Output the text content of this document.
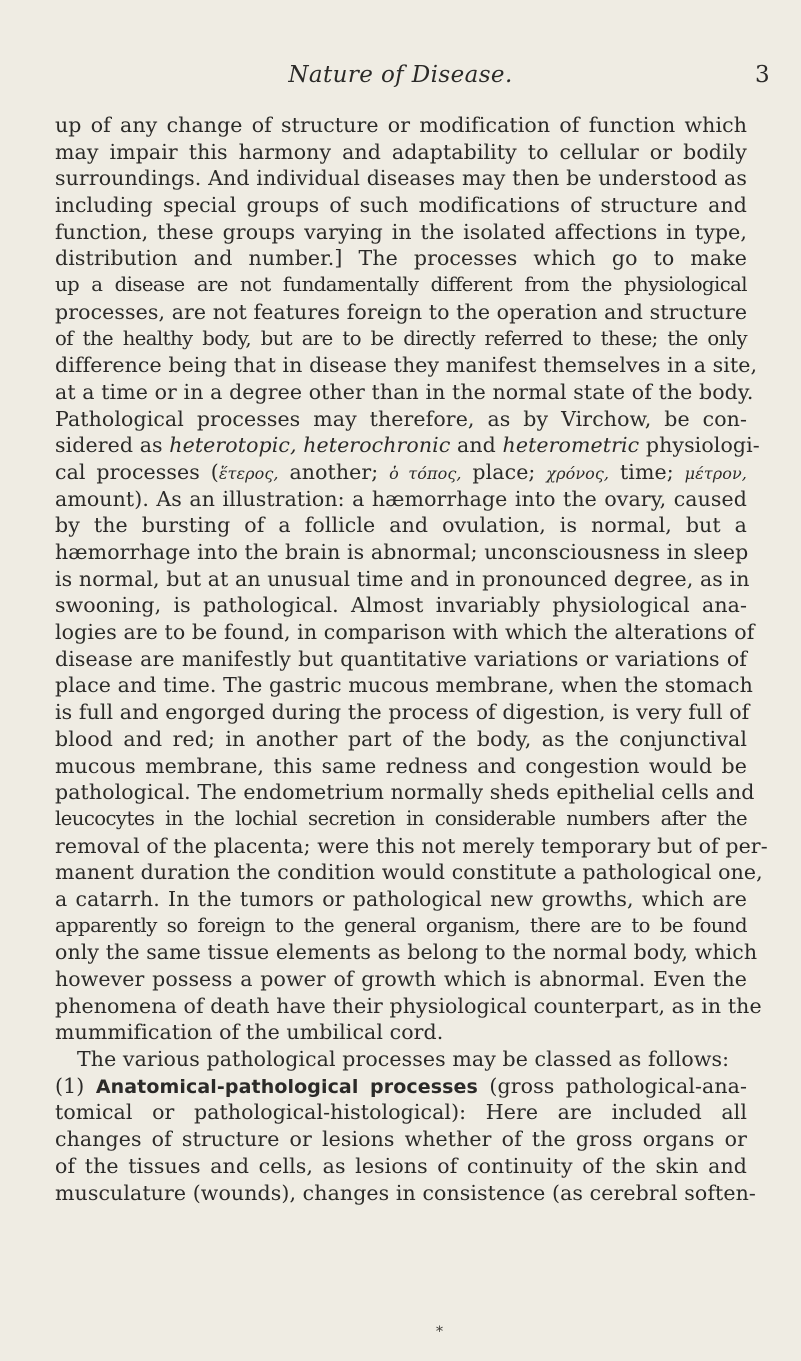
Nature of Disease.	3
up of any change of structure or modification of function which
may impair this harmony and adaptability to cellular or bodily
surroundings. And individual diseases may then be understood as
including special groups of such modifications of structure and
function, these groups varying in the isolated affections in type,
distribution and number.] The processes which go to make
up a disease are not fundamentally different from the physiological
processes, are not features foreign to the operation and structure
of the healthy body, but are to be directly referred to these; the only
difference being that in disease they manifest themselves in a site,
at a time or in a degree other than in the normal state of the body.
Pathological processes may therefore, as by Virchow, be con-
sidered as heterotopic, heterochronic and heterometric physiologi-
cal processes (ἕτερος, another; ὁ τόπος, place; χρόνος, time; μέτρον,
amount). As an illustration: a hæmorrhage into the ovary, caused
by the bursting of a follicle and ovulation, is normal, but a
hæmorrhage into the brain is abnormal; unconsciousness in sleep
is normal, but at an unusual time and in pronounced degree, as in
swooning, is pathological. Almost invariably physiological ana-
logies are to be found, in comparison with which the alterations of
disease are manifestly but quantitative variations or variations of
place and time. The gastric mucous membrane, when the stomach
is full and engorged during the process of digestion, is very full of
blood and red; in another part of the body, as the conjunctival
mucous membrane, this same redness and congestion would be
pathological. The endometrium normally sheds epithelial cells and
leucocytes in the lochial secretion in considerable numbers after the
removal of the placenta; were this not merely temporary but of per-
manent duration the condition would constitute a pathological one,
a catarrh. In the tumors or pathological new growths, which are
apparently so foreign to the general organism, there are to be found
only the same tissue elements as belong to the normal body, which
however possess a power of growth which is abnormal. Even the
phenomena of death have their physiological counterpart, as in the
mummification of the umbilical cord.
The various pathological processes may be classed as follows:
(1) Anatomical-pathological processes (gross pathological-ana-
tomical or pathological-histological): Here are included all
changes of structure or lesions whether of the gross organs or
of the tissues and cells, as lesions of continuity of the skin and
musculature (wounds), changes in consistence (as cerebral soften-
*
